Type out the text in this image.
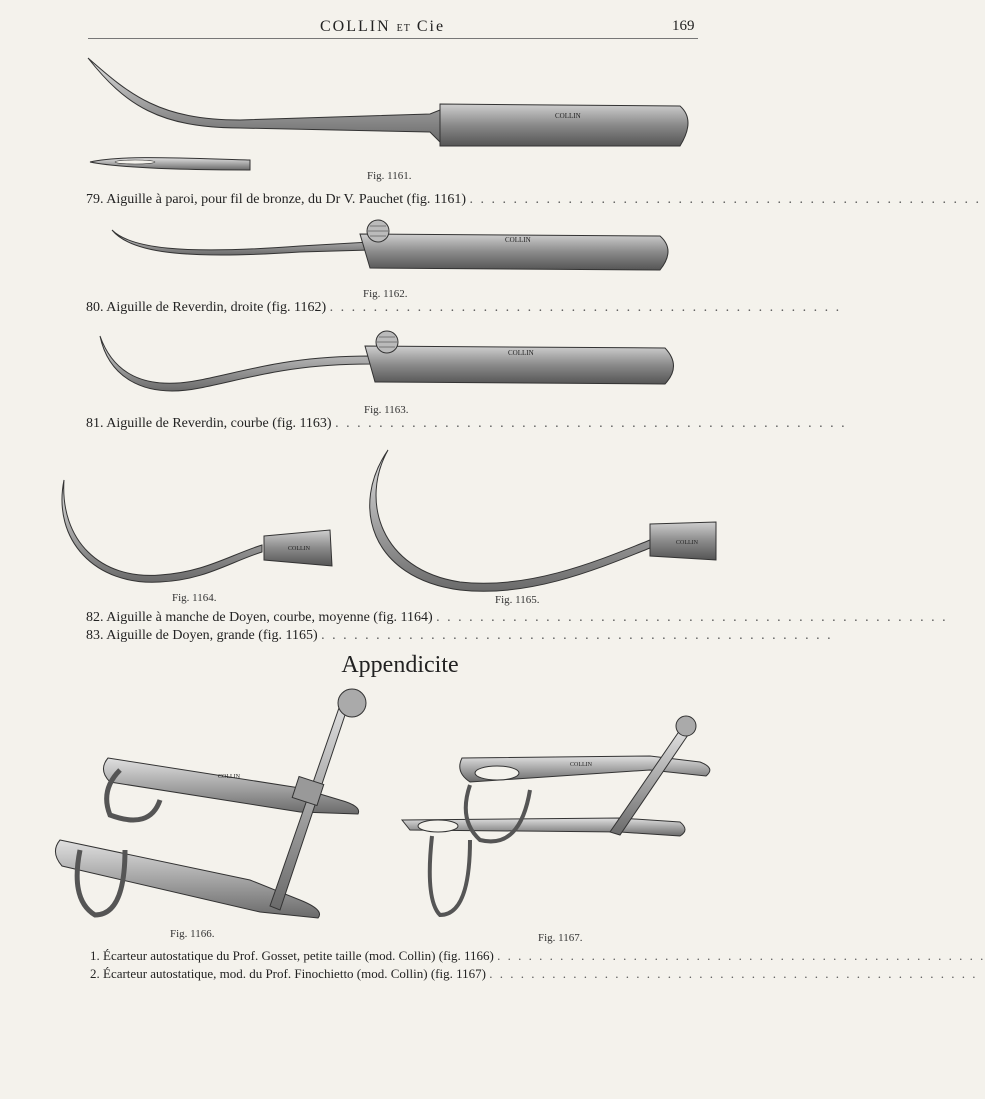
COLLIN ET Cie	169
COLLIN
COLLIN
COLLIN
COLLIN
COLLIN
COLLIN
COLLIN
Fig. 1161.
Fig. 1162.
Fig. 1163.
Fig. 1164.	Fig. 1165.
Fig. 1166.	Fig. 1167.
79. Aiguille à paroi, pour fil de bronze, du Dr V. Pauchet (fig. 1161) . . . . . . . . . . . . . . . . . . . . . . . . . . . . . . . . . . . . . . . . . . . . . . .
80. Aiguille de Reverdin, droite (fig. 1162) . . . . . . . . . . . . . . . . . . . . . . . . . . . . . . . . . . . . . . . . . . . . . . .
81. Aiguille de Reverdin, courbe (fig. 1163) . . . . . . . . . . . . . . . . . . . . . . . . . . . . . . . . . . . . . . . . . . . . . . .
82. Aiguille à manche de Doyen, courbe, moyenne (fig. 1164) . . . . . . . . . . . . . . . . . . . . . . . . . . . . . . . . . . . . . . . . . . . . . . .
83. Aiguille de Doyen, grande (fig. 1165) . . . . . . . . . . . . . . . . . . . . . . . . . . . . . . . . . . . . . . . . . . . . . . .
Appendicite
1. Écarteur autostatique du Prof. Gosset, petite taille (mod. Collin) (fig. 1166) . . . . . . . . . . . . . . . . . . . . . . . . . . . . . . . . . . . . . . . . . . . . . . .
2. Écarteur autostatique, mod. du Prof. Finochietto (mod. Collin) (fig. 1167) . . . . . . . . . . . . . . . . . . . . . . . . . . . . . . . . . . . . . . . . . . . . . . .
